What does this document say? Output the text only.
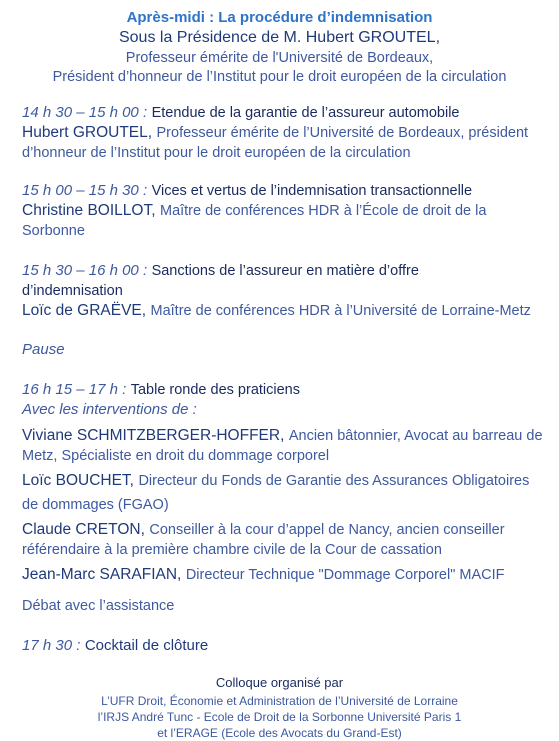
Après-midi : La procédure d’indemnisation
Sous la Présidence de M. Hubert GROUTEL,
Professeur émérite de l'Université de Bordeaux,
Président d’honneur de l’Institut pour le droit européen de la circulation
14 h 30 – 15 h 00 : Etendue de la garantie de l’assureur automobile
Hubert GROUTEL, Professeur émérite de l’Université de Bordeaux, président
d’honneur de l’Institut pour le droit européen de la circulation
15 h 00 – 15 h 30 : Vices et vertus de l’indemnisation transactionnelle
Christine BOILLOT, Maître de conférences HDR à l’École de droit de la
Sorbonne
15 h 30 – 16 h 00 : Sanctions de l’assureur en matière d’offre
d’indemnisation
Loïc de GRAËVE, Maître de conférences HDR à l’Université de Lorraine-Metz
Pause
16 h 15 – 17 h : Table ronde des praticiens
Avec les interventions de :
Viviane SCHMITZBERGER-HOFFER, Ancien bâtonnier, Avocat au barreau de
Metz, Spécialiste en droit du dommage corporel
Loïc BOUCHET, Directeur du Fonds de Garantie des Assurances Obligatoires
de dommages (FGAO)
Claude CRETON, Conseiller à la cour d’appel de Nancy, ancien conseiller
référendaire à la première chambre civile de la Cour de cassation
Jean-Marc SARAFIAN, Directeur Technique "Dommage Corporel" MACIF
Débat avec l’assistance
17 h 30 : Cocktail de clôture
Colloque organisé par
L’UFR Droit, Économie et Administration de l’Université de Lorraine
l’IRJS André Tunc - Ecole de Droit de la Sorbonne Université Paris 1
et l’ERAGE (Ecole des Avocats du Grand-Est)
